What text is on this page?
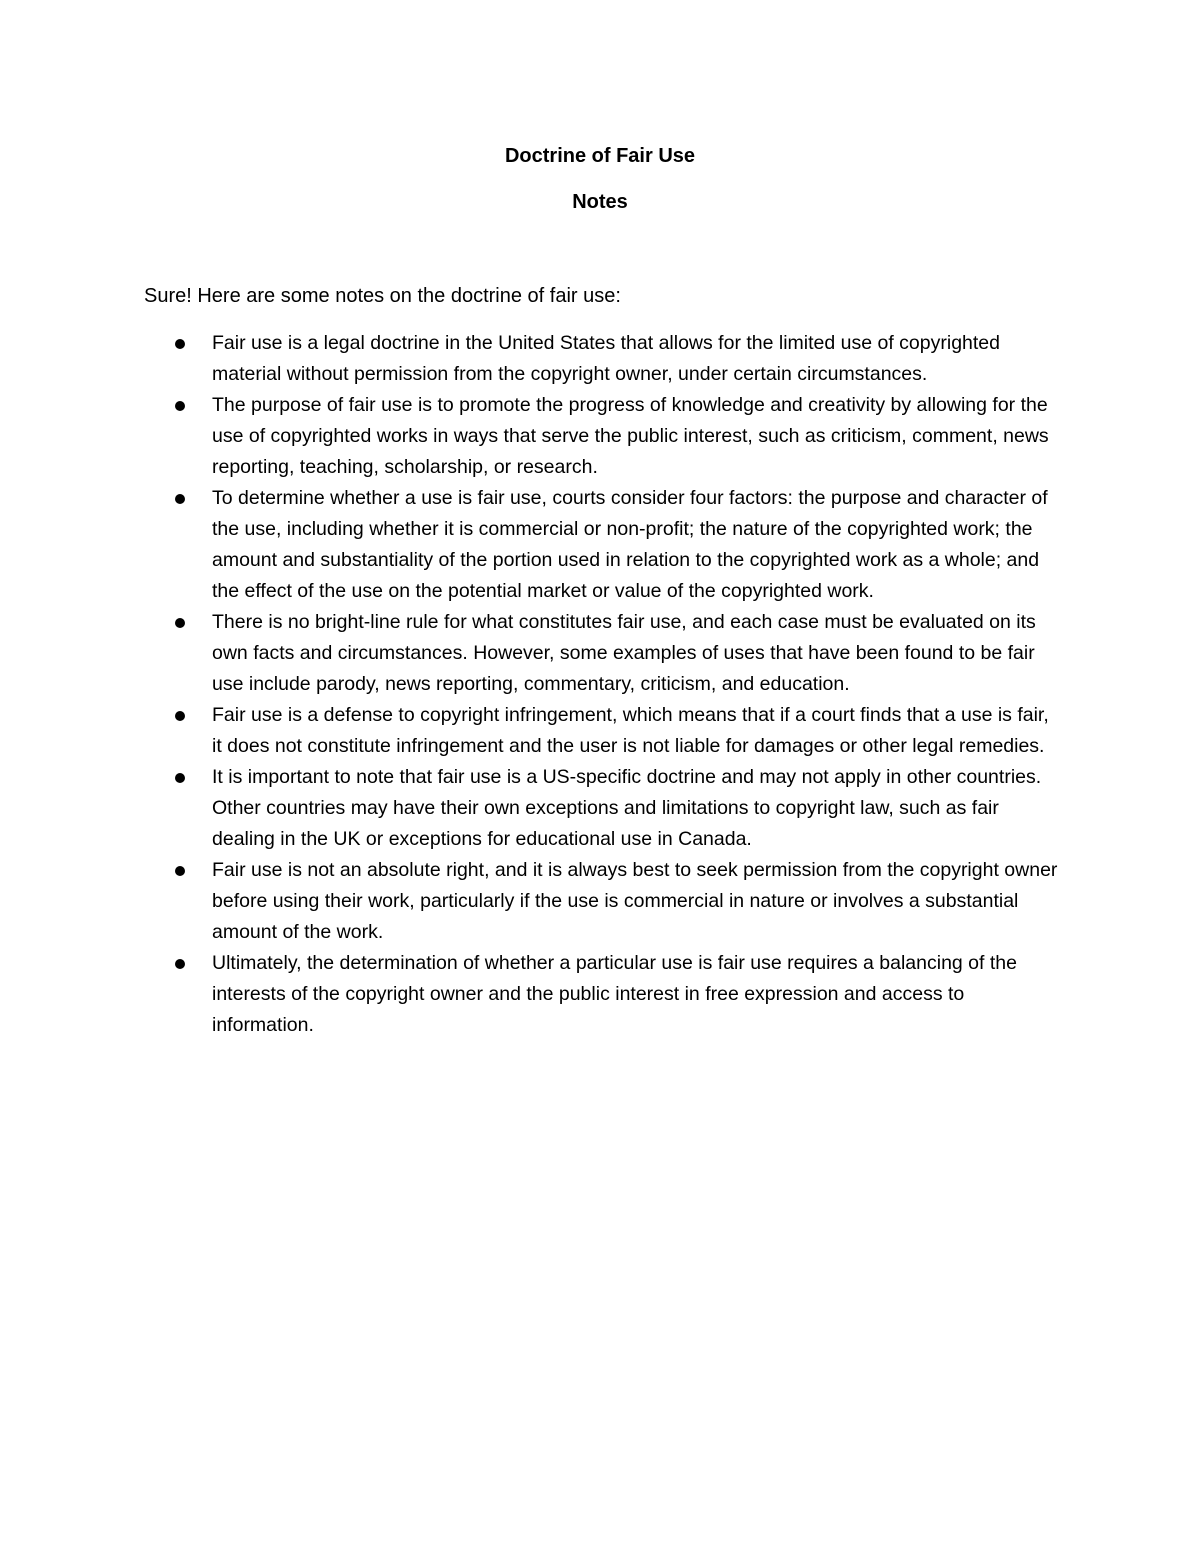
Doctrine of Fair Use
Notes
Sure! Here are some notes on the doctrine of fair use:
Fair use is a legal doctrine in the United States that allows for the limited use of copyrighted material without permission from the copyright owner, under certain circumstances.
The purpose of fair use is to promote the progress of knowledge and creativity by allowing for the use of copyrighted works in ways that serve the public interest, such as criticism, comment, news reporting, teaching, scholarship, or research.
To determine whether a use is fair use, courts consider four factors: the purpose and character of the use, including whether it is commercial or non-profit; the nature of the copyrighted work; the amount and substantiality of the portion used in relation to the copyrighted work as a whole; and the effect of the use on the potential market or value of the copyrighted work.
There is no bright-line rule for what constitutes fair use, and each case must be evaluated on its own facts and circumstances. However, some examples of uses that have been found to be fair use include parody, news reporting, commentary, criticism, and education.
Fair use is a defense to copyright infringement, which means that if a court finds that a use is fair, it does not constitute infringement and the user is not liable for damages or other legal remedies.
It is important to note that fair use is a US-specific doctrine and may not apply in other countries. Other countries may have their own exceptions and limitations to copyright law, such as fair dealing in the UK or exceptions for educational use in Canada.
Fair use is not an absolute right, and it is always best to seek permission from the copyright owner before using their work, particularly if the use is commercial in nature or involves a substantial amount of the work.
Ultimately, the determination of whether a particular use is fair use requires a balancing of the interests of the copyright owner and the public interest in free expression and access to information.
